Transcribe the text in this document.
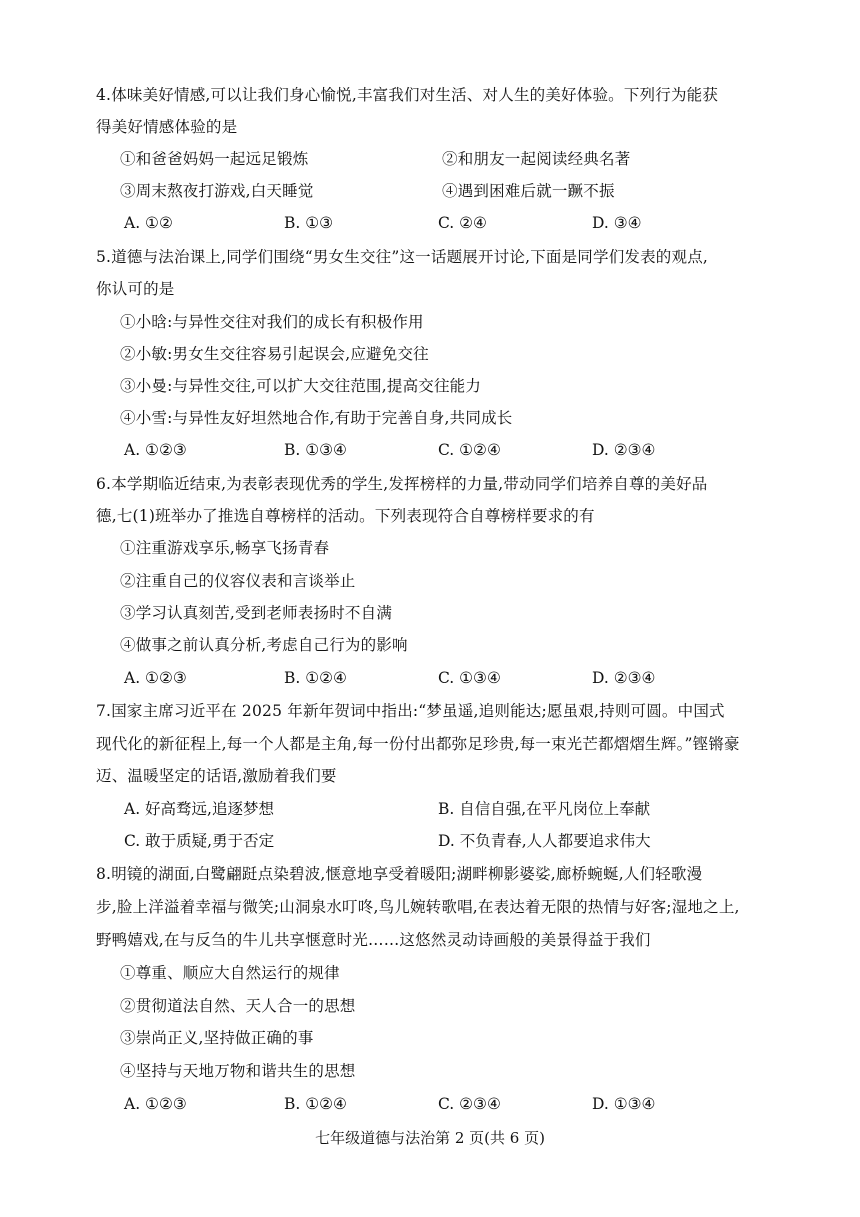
4.体味美好情感,可以让我们身心愉悦,丰富我们对生活、对人生的美好体验。下列行为能获
得美好情感体验的是
①和爸爸妈妈一起远足锻炼	②和朋友一起阅读经典名著
③周末熬夜打游戏,白天睡觉	④遇到困难后就一蹶不振
A. ①②	B. ①③	C. ②④	D. ③④
5.道德与法治课上,同学们围绕“男女生交往”这一话题展开讨论,下面是同学们发表的观点,
你认可的是
①小晗:与异性交往对我们的成长有积极作用
②小敏:男女生交往容易引起误会,应避免交往
③小曼:与异性交往,可以扩大交往范围,提高交往能力
④小雪:与异性友好坦然地合作,有助于完善自身,共同成长
A. ①②③	B. ①③④	C. ①②④	D. ②③④
6.本学期临近结束,为表彰表现优秀的学生,发挥榜样的力量,带动同学们培养自尊的美好品
德,七(1)班举办了推选自尊榜样的活动。下列表现符合自尊榜样要求的有
①注重游戏享乐,畅享飞扬青春
②注重自己的仪容仪表和言谈举止
③学习认真刻苦,受到老师表扬时不自满
④做事之前认真分析,考虑自己行为的影响
A. ①②③	B. ①②④	C. ①③④	D. ②③④
7.国家主席习近平在 2025 年新年贺词中指出:“梦虽遥,追则能达;愿虽艰,持则可圆。中国式
现代化的新征程上,每一个人都是主角,每一份付出都弥足珍贵,每一束光芒都熠熠生辉。”铿锵豪
迈、温暖坚定的话语,激励着我们要
A. 好高骛远,追逐梦想	B. 自信自强,在平凡岗位上奉献
C. 敢于质疑,勇于否定	D. 不负青春,人人都要追求伟大
8.明镜的湖面,白鹭翩跹点染碧波,惬意地享受着暖阳;湖畔柳影婆娑,廊桥蜿蜒,人们轻歌漫
步,脸上洋溢着幸福与微笑;山洞泉水叮咚,鸟儿婉转歌唱,在表达着无限的热情与好客;湿地之上,
野鸭嬉戏,在与反刍的牛儿共享惬意时光……这悠然灵动诗画般的美景得益于我们
①尊重、顺应大自然运行的规律
②贯彻道法自然、天人合一的思想
③崇尚正义,坚持做正确的事
④坚持与天地万物和谐共生的思想
A. ①②③	B. ①②④	C. ②③④	D. ①③④
七年级道德与法治第 2 页(共 6 页)
